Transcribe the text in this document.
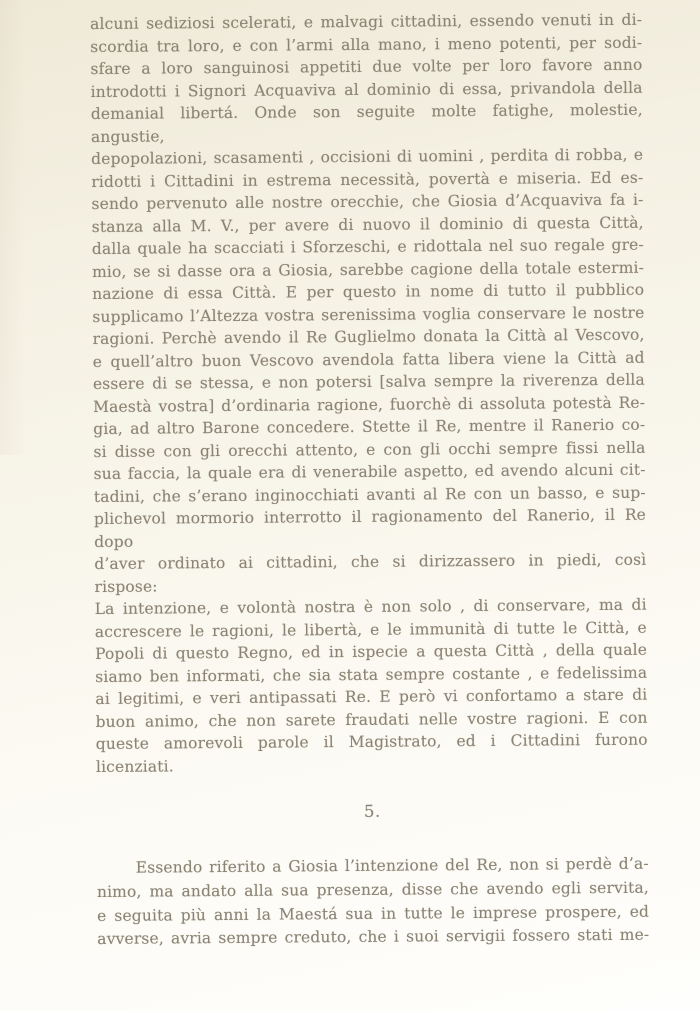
alcuni sediziosi scelerati, e malvagi cittadini, essendo venuti in di-
scordia tra loro, e con l’armi alla mano, i meno potenti, per sodi-
sfare a loro sanguinosi appetiti due volte per loro favore anno
introdotti i Signori Acquaviva al dominio di essa, privandola della
demanial libertá. Onde son seguite molte fatighe, molestie, angustie,
depopolazioni, scasamenti , occisioni di uomini , perdita di robba, e
ridotti i Cittadini in estrema necessità, povertà e miseria. Ed es-
sendo pervenuto alle nostre orecchie, che Giosia d’Acquaviva fa i-
stanza alla M. V., per avere di nuovo il dominio di questa Città,
dalla quale ha scacciati i Sforzeschi, e ridottala nel suo regale gre-
mio, se si dasse ora a Giosia, sarebbe cagione della totale estermi-
nazione di essa Città. E per questo in nome di tutto il pubblico
supplicamo l’Altezza vostra serenissima voglia conservare le nostre
ragioni. Perchè avendo il Re Guglielmo donata la Città al Vescovo,
e quell’altro buon Vescovo avendola fatta libera viene la Città ad
essere di se stessa, e non potersi [salva sempre la riverenza della
Maestà vostra] d’ordinaria ragione, fuorchè di assoluta potestà Re-
gia, ad altro Barone concedere. Stette il Re, mentre il Ranerio co-
si disse con gli orecchi attento, e con gli occhi sempre fissi nella
sua faccia, la quale era di venerabile aspetto, ed avendo alcuni cit-
tadini, che s’erano inginocchiati avanti al Re con un basso, e sup-
plichevol mormorio interrotto il ragionamento del Ranerio, il Re dopo
d’aver ordinato ai cittadini, che si dirizzassero in piedi, così rispose:
La intenzione, e volontà nostra è non solo , di conservare, ma di
accrescere le ragioni, le libertà, e le immunità di tutte le Città, e
Popoli di questo Regno, ed in ispecie a questa Città , della quale
siamo ben informati, che sia stata sempre costante , e fedelissima
ai legitimi, e veri antipassati Re. E però vi confortamo a stare di
buon animo, che non sarete fraudati nelle vostre ragioni. E con
queste amorevoli parole il Magistrato, ed i Cittadini furono licenziati.
5.
Essendo riferito a Giosia l’intenzione del Re, non si perdè d’a-
nimo, ma andato alla sua presenza, disse che avendo egli servita,
e seguita più anni la Maestá sua in tutte le imprese prospere, ed
avverse, avria sempre creduto, che i suoi servigii fossero stati me-
